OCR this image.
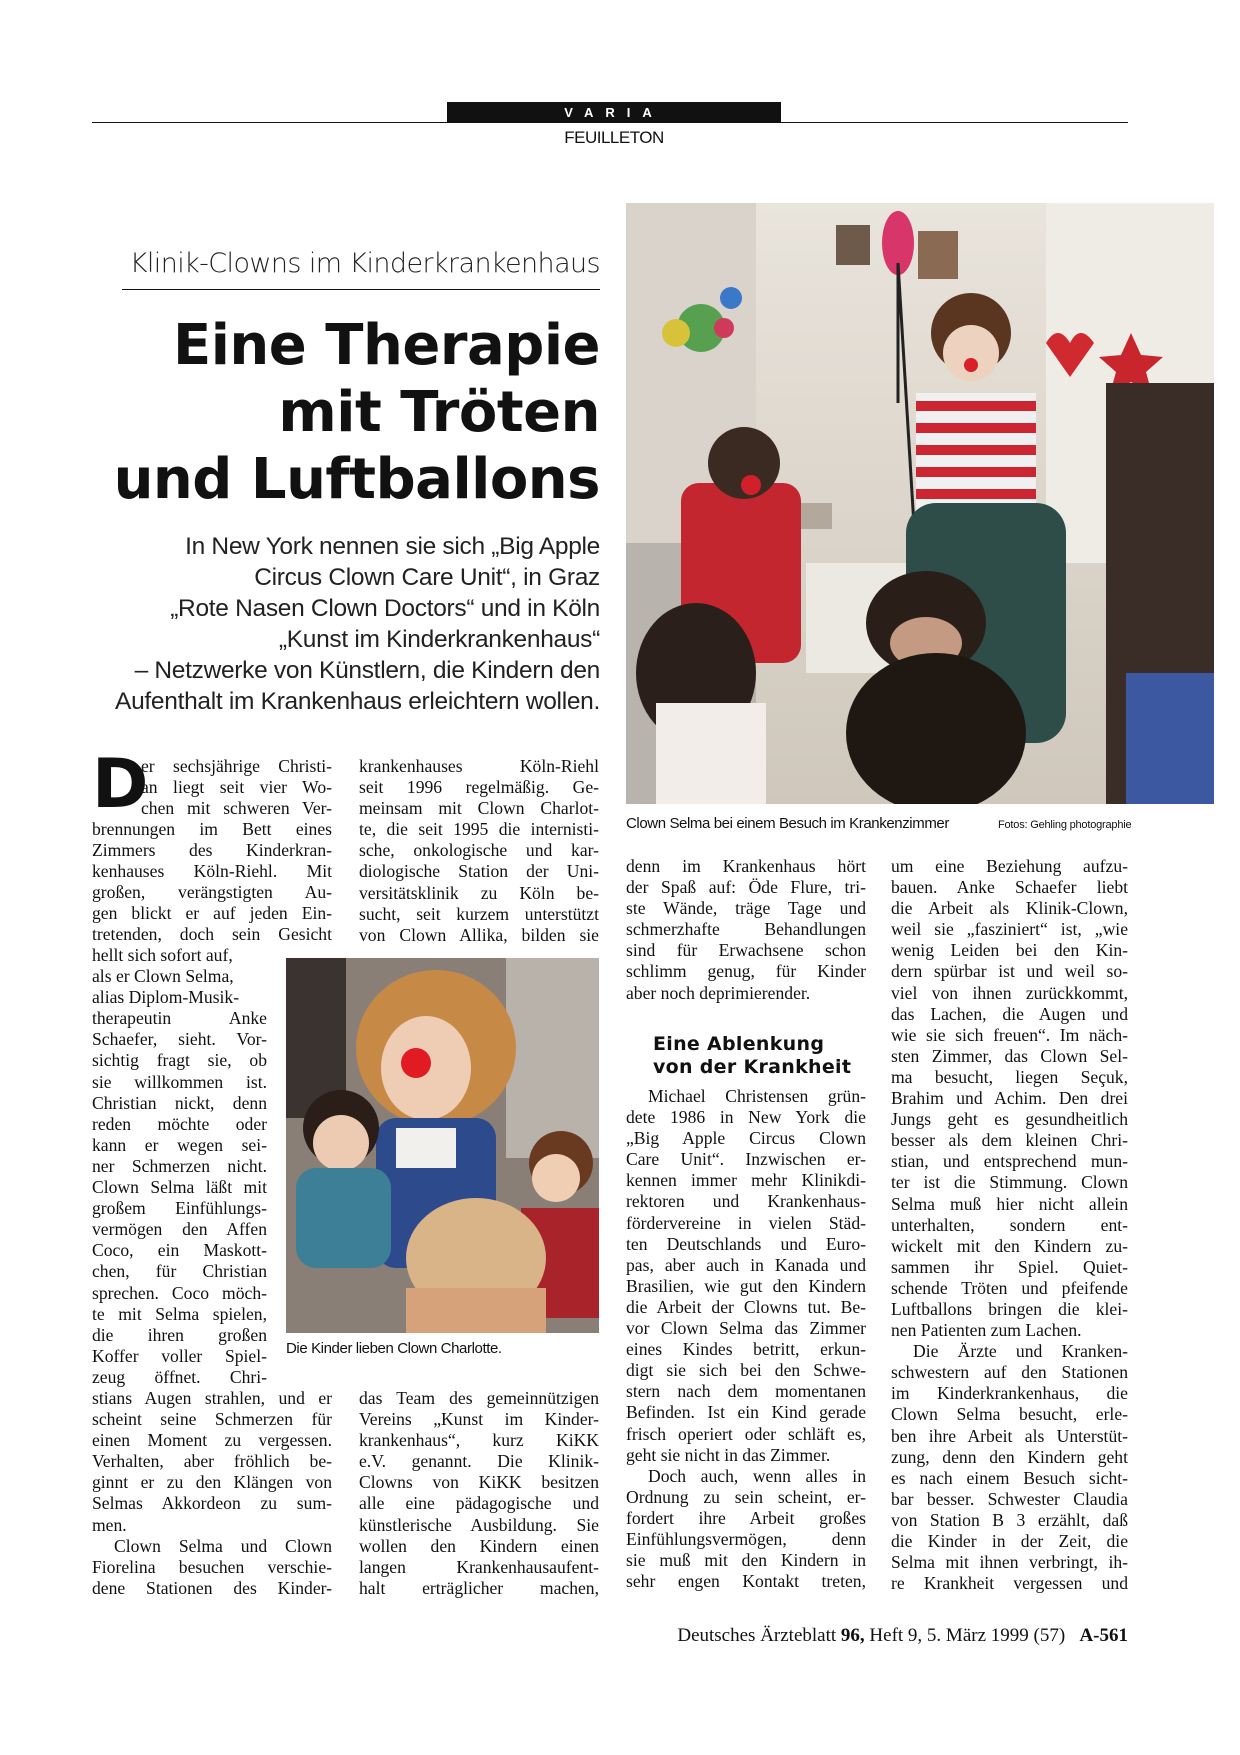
VARIA
FEUILLETON
Klinik-Clowns im Kinderkrankenhaus
Eine Therapie
mit Tröten
und Luftballons
In New York nennen sie sich „Big Apple
Circus Clown Care Unit“, in Graz
„Rote Nasen Clown Doctors“ und in Köln
„Kunst im Kinderkrankenhaus“
– Netzwerke von Künstlern, die Kindern den
Aufenthalt im Krankenhaus erleichtern wollen.
Clown Selma bei einem Besuch im Krankenzimmer	Fotos: Gehling photographie
Die Kinder lieben Clown Charlotte.
D
er sechsjährige Christi-
an liegt seit vier Wo-
chen mit schweren Ver-
brennungen im Bett eines
Zimmers des Kinderkran-
kenhauses Köln-Riehl. Mit
großen, verängstigten Au-
gen blickt er auf jeden Ein-
tretenden, doch sein Gesicht
hellt sich sofort auf,
als er Clown Selma,
alias Diplom-Musik-
therapeutin Anke
Schaefer, sieht. Vor-
sichtig fragt sie, ob
sie willkommen ist.
Christian nickt, denn
reden möchte oder
kann er wegen sei-
ner Schmerzen nicht.
Clown Selma läßt mit
großem Einfühlungs-
vermögen den Affen
Coco, ein Maskott-
chen, für Christian
sprechen. Coco möch-
te mit Selma spielen,
die ihren großen
Koffer voller Spiel-
zeug öffnet. Chri-
stians Augen strahlen, und er
scheint seine Schmerzen für
einen Moment zu vergessen.
Verhalten, aber fröhlich be-
ginnt er zu den Klängen von
Selmas Akkordeon zu sum-
men.
Clown Selma und Clown
Fiorelina besuchen verschie-
dene Stationen des Kinder-
krankenhauses Köln-Riehl
seit 1996 regelmäßig. Ge-
meinsam mit Clown Charlot-
te, die seit 1995 die internisti-
sche, onkologische und kar-
diologische Station der Uni-
versitätsklinik zu Köln be-
sucht, seit kurzem unterstützt
von Clown Allika, bilden sie
das Team des gemeinnützigen
Vereins „Kunst im Kinder-
krankenhaus“, kurz KiKK
e.V. genannt. Die Klinik-
Clowns von KiKK besitzen
alle eine pädagogische und
künstlerische Ausbildung. Sie
wollen den Kindern einen
langen Krankenhausaufent-
halt erträglicher machen,
denn im Krankenhaus hört
der Spaß auf: Öde Flure, tri-
ste Wände, träge Tage und
schmerzhafte Behandlungen
sind für Erwachsene schon
schlimm genug, für Kinder
aber noch deprimierender.
Eine Ablenkung
von der Krankheit
Michael Christensen grün-
dete 1986 in New York die
„Big Apple Circus Clown
Care Unit“. Inzwischen er-
kennen immer mehr Klinikdi-
rektoren und Krankenhaus-
fördervereine in vielen Städ-
ten Deutschlands und Euro-
pas, aber auch in Kanada und
Brasilien, wie gut den Kindern
die Arbeit der Clowns tut. Be-
vor Clown Selma das Zimmer
eines Kindes betritt, erkun-
digt sie sich bei den Schwe-
stern nach dem momentanen
Befinden. Ist ein Kind gerade
frisch operiert oder schläft es,
geht sie nicht in das Zimmer.
Doch auch, wenn alles in
Ordnung zu sein scheint, er-
fordert ihre Arbeit großes
Einfühlungsvermögen, denn
sie muß mit den Kindern in
sehr engen Kontakt treten,
um eine Beziehung aufzu-
bauen. Anke Schaefer liebt
die Arbeit als Klinik-Clown,
weil sie „fasziniert“ ist, „wie
wenig Leiden bei den Kin-
dern spürbar ist und weil so-
viel von ihnen zurückkommt,
das Lachen, die Augen und
wie sie sich freuen“. Im näch-
sten Zimmer, das Clown Sel-
ma besucht, liegen Seçuk,
Brahim und Achim. Den drei
Jungs geht es gesundheitlich
besser als dem kleinen Chri-
stian, und entsprechend mun-
ter ist die Stimmung. Clown
Selma muß hier nicht allein
unterhalten, sondern ent-
wickelt mit den Kindern zu-
sammen ihr Spiel. Quiet-
schende Tröten und pfeifende
Luftballons bringen die klei-
nen Patienten zum Lachen.
Die Ärzte und Kranken-
schwestern auf den Stationen
im Kinderkrankenhaus, die
Clown Selma besucht, erle-
ben ihre Arbeit als Unterstüt-
zung, denn den Kindern geht
es nach einem Besuch sicht-
bar besser. Schwester Claudia
von Station B 3 erzählt, daß
die Kinder in der Zeit, die
Selma mit ihnen verbringt, ih-
re Krankheit vergessen und
Deutsches Ärzteblatt 96, Heft 9, 5. März 1999 (57) A-561
